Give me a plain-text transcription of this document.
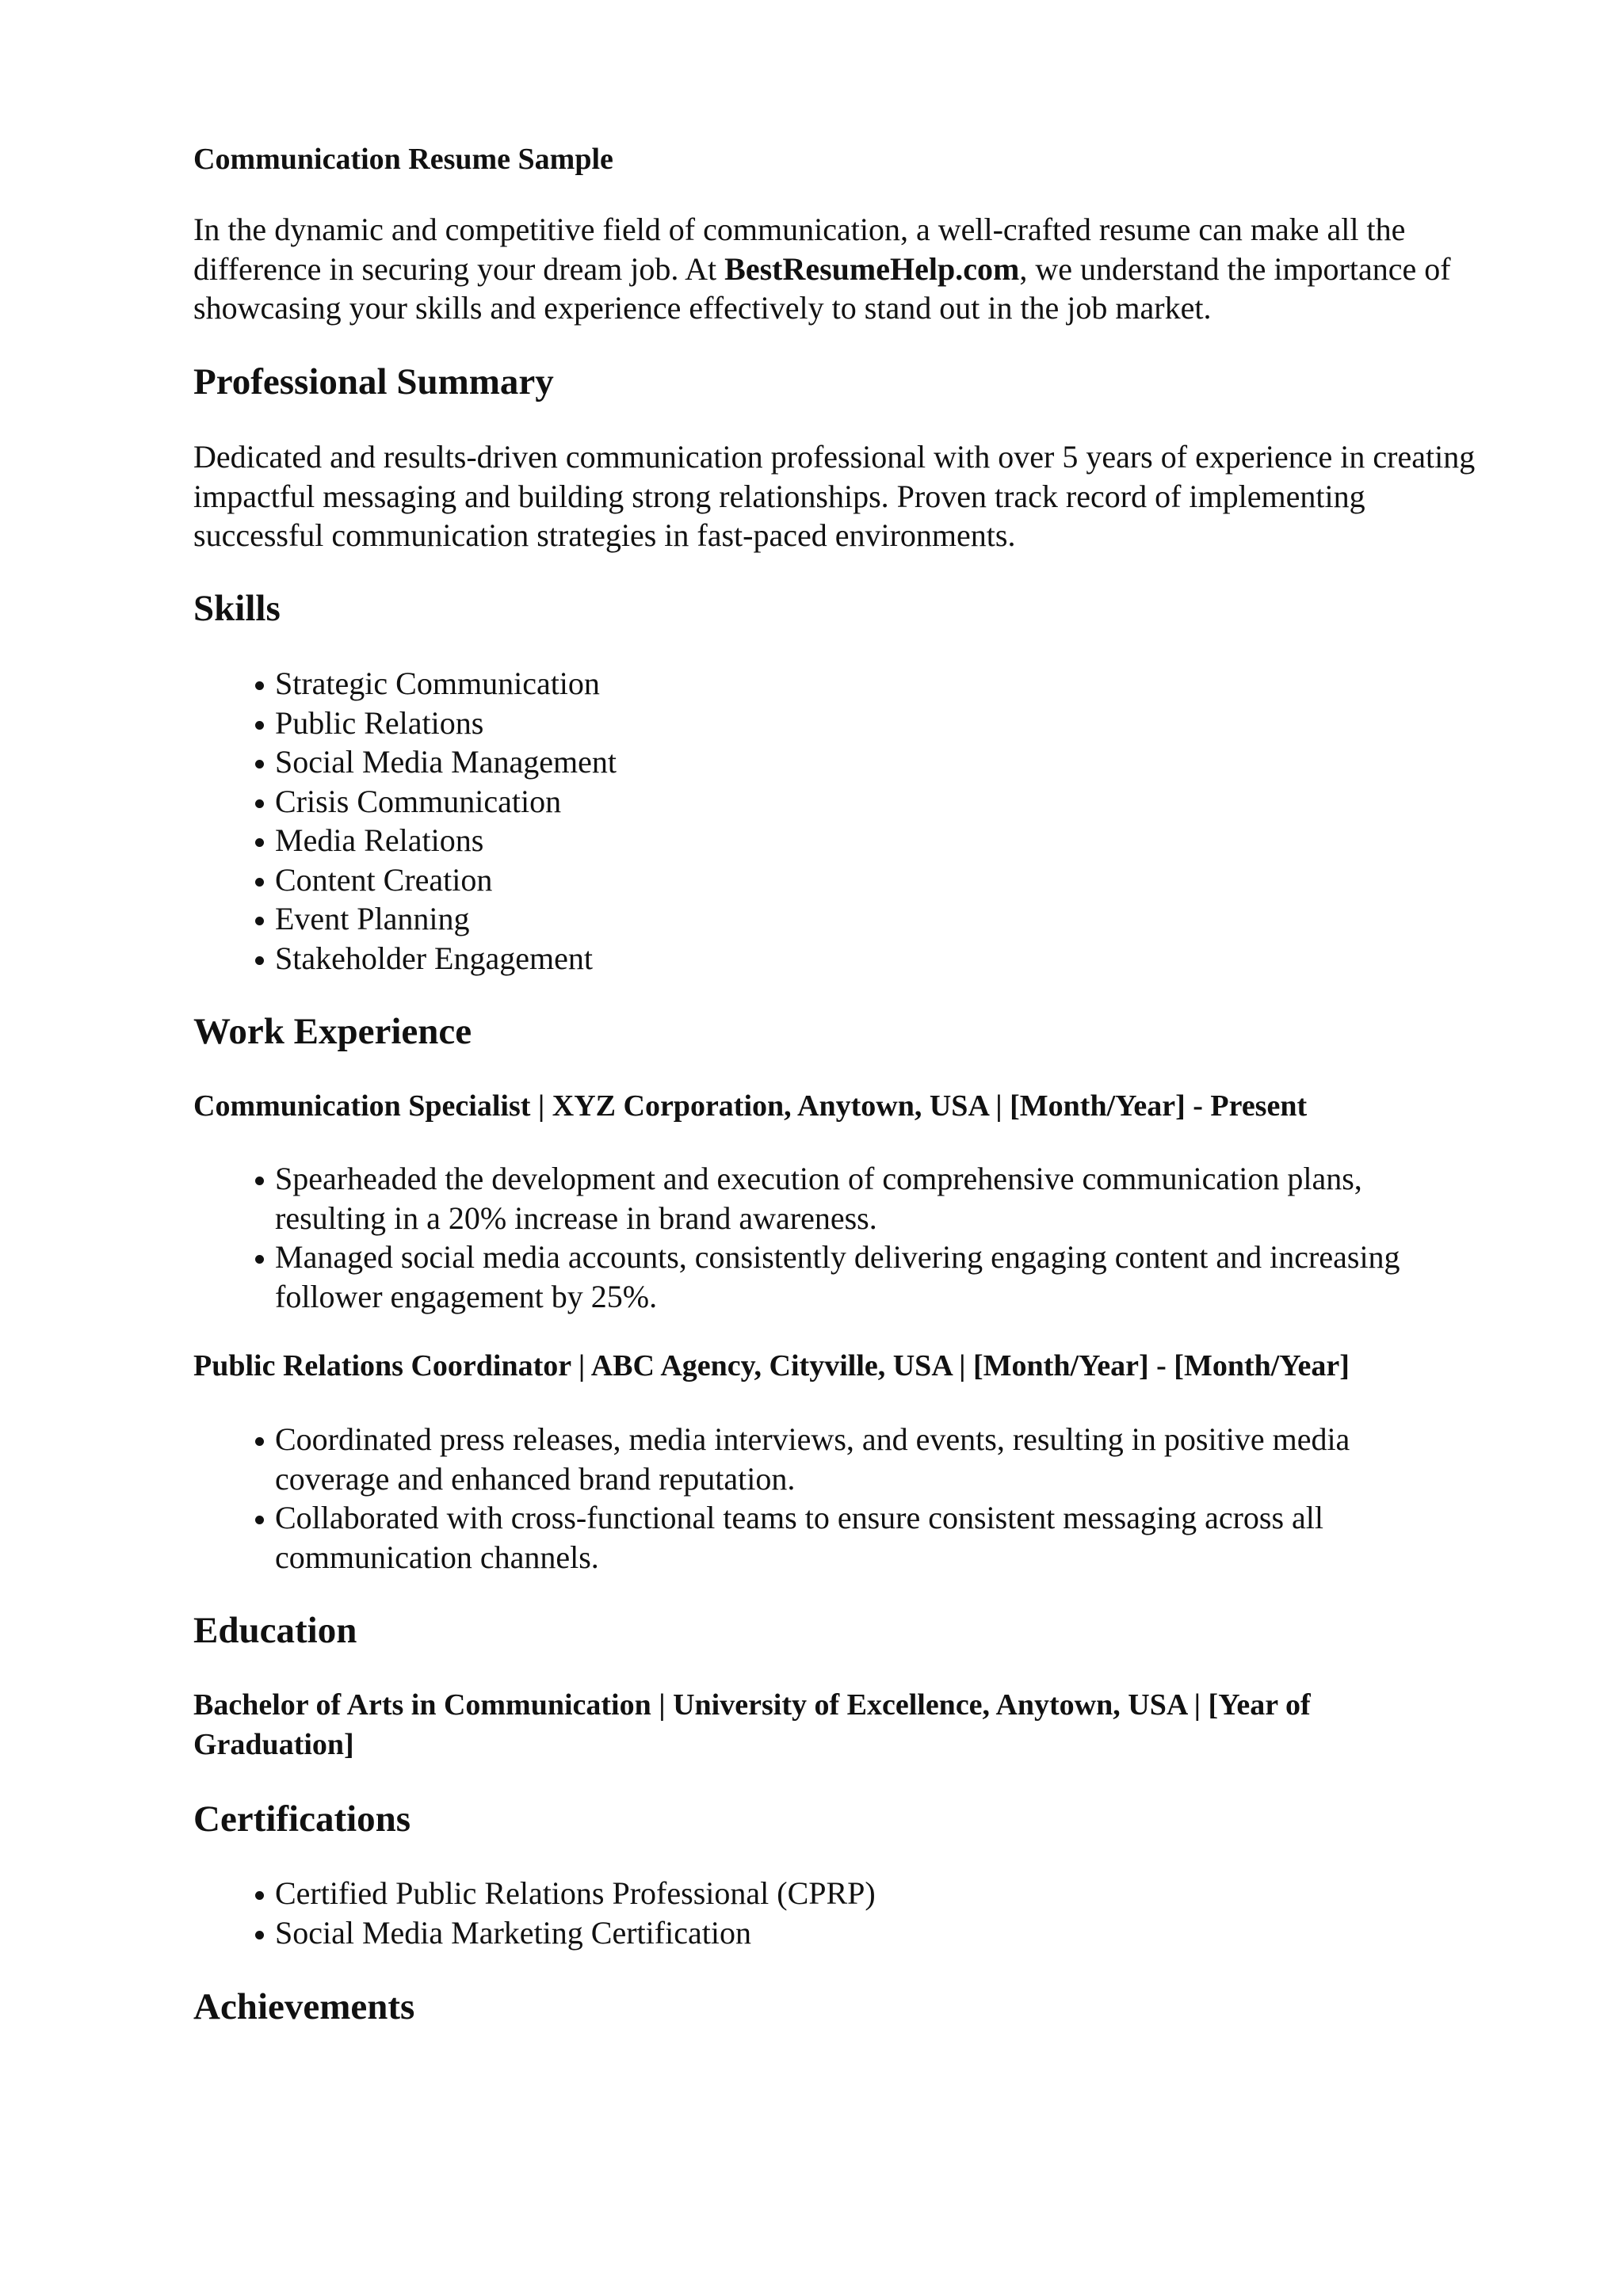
Communication Resume Sample

In the dynamic and competitive field of communication, a well-crafted resume can make all the
difference in securing your dream job. At BestResumeHelp.com, we understand the importance of
showcasing your skills and experience effectively to stand out in the job market.

Professional Summary

Dedicated and results-driven communication professional with over 5 years of experience in creating
impactful messaging and building strong relationships. Proven track record of implementing
successful communication strategies in fast-paced environments.

Skills
Strategic Communication
Public Relations
Social Media Management
Crisis Communication
Media Relations
Content Creation
Event Planning
Stakeholder Engagement
Work Experience
Communication Specialist | XYZ Corporation, Anytown, USA | [Month/Year] - Present
Spearheaded the development and execution of comprehensive communication plans,
resulting in a 20% increase in brand awareness.
Managed social media accounts, consistently delivering engaging content and increasing
follower engagement by 25%.
Public Relations Coordinator | ABC Agency, Cityville, USA | [Month/Year] - [Month/Year]
Coordinated press releases, media interviews, and events, resulting in positive media
coverage and enhanced brand reputation.
Collaborated with cross-functional teams to ensure consistent messaging across all
communication channels.
Education
Bachelor of Arts in Communication | University of Excellence, Anytown, USA | [Year of
Graduation]
Certifications
Certified Public Relations Professional (CPRP)
Social Media Marketing Certification
Achievements
